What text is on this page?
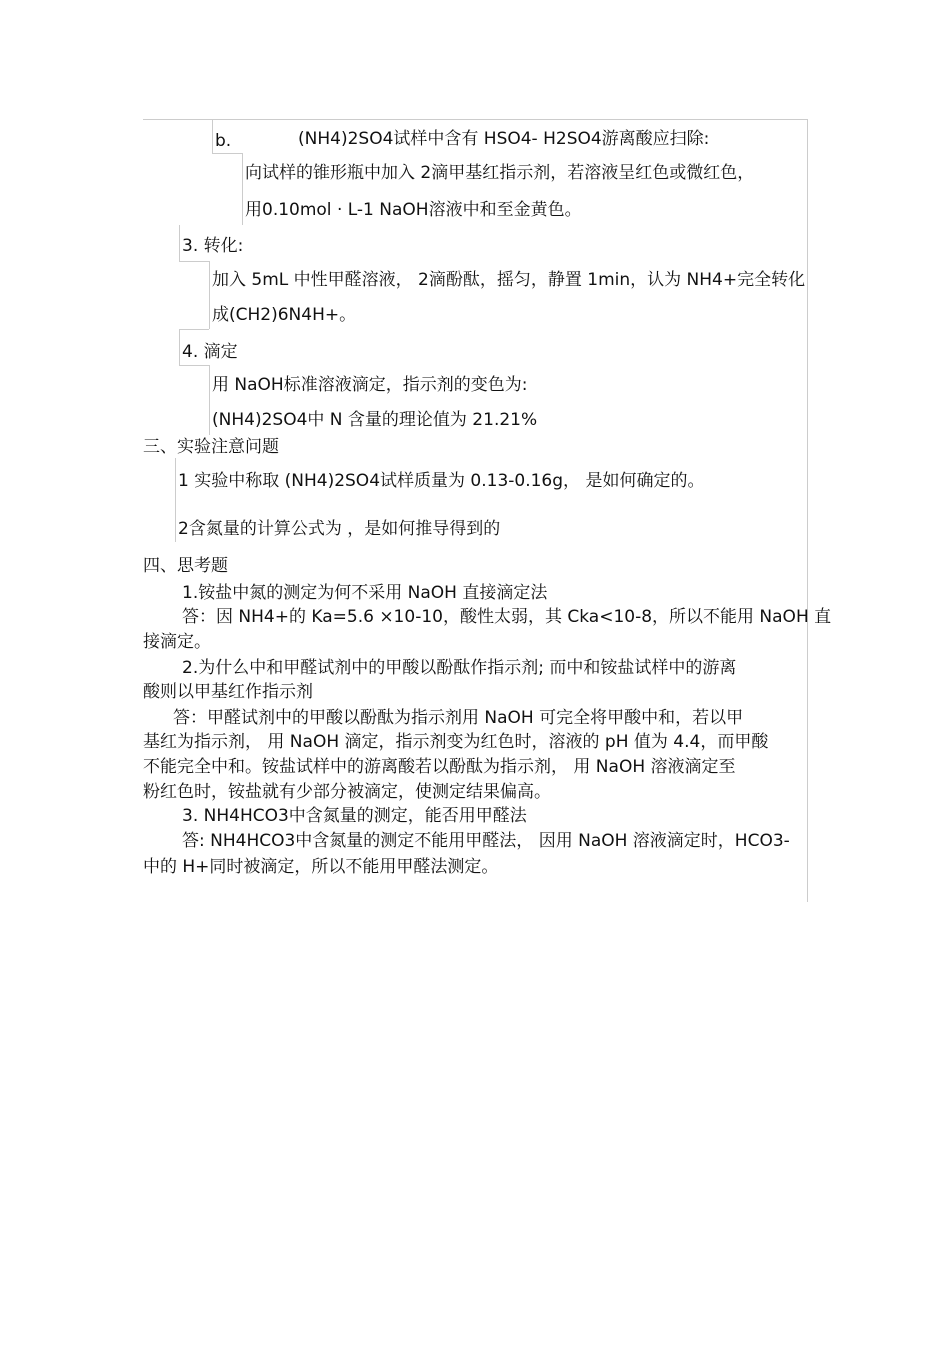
b.	(NH4)2SO4试样中含有 HSO4- H2SO4游离酸应扫除:
向试样的锥形瓶中加入 2滴甲基红指示剂，若溶液呈红色或微红色，
用0.10mol · L-1 NaOH溶液中和至金黄色。
3. 转化:
加入 5mL 中性甲醛溶液， 2滴酚酞，摇匀，静置 1min，认为 NH4+完全转化
成(CH2)6N4H+。
4. 滴定
用 NaOH标准溶液滴定，指示剂的变色为:
(NH4)2SO4中 N 含量的理论值为 21.21%
三、实验注意问题
1 实验中称取 (NH4)2SO4试样质量为 0.13-0.16g， 是如何确定的。
2含氮量的计算公式为 ，是如何推导得到的
四、思考题
1.铵盐中氮的测定为何不采用 NaOH 直接滴定法
答：因 NH4+的 Ka=5.6 ×10-10，酸性太弱，其 Cka<10-8，所以不能用 NaOH 直
接滴定。
2.为什么中和甲醛试剂中的甲酸以酚酞作指示剂; 而中和铵盐试样中的游离
酸则以甲基红作指示剂
答：甲醛试剂中的甲酸以酚酞为指示剂用 NaOH 可完全将甲酸中和，若以甲
基红为指示剂， 用 NaOH 滴定，指示剂变为红色时，溶液的 pH 值为 4.4，而甲酸
不能完全中和。铵盐试样中的游离酸若以酚酞为指示剂， 用 NaOH 溶液滴定至
粉红色时，铵盐就有少部分被滴定，使测定结果偏高。
3. NH4HCO3中含氮量的测定，能否用甲醛法
答: NH4HCO3中含氮量的测定不能用甲醛法， 因用 NaOH 溶液滴定时，HCO3-
中的 H+同时被滴定，所以不能用甲醛法测定。
